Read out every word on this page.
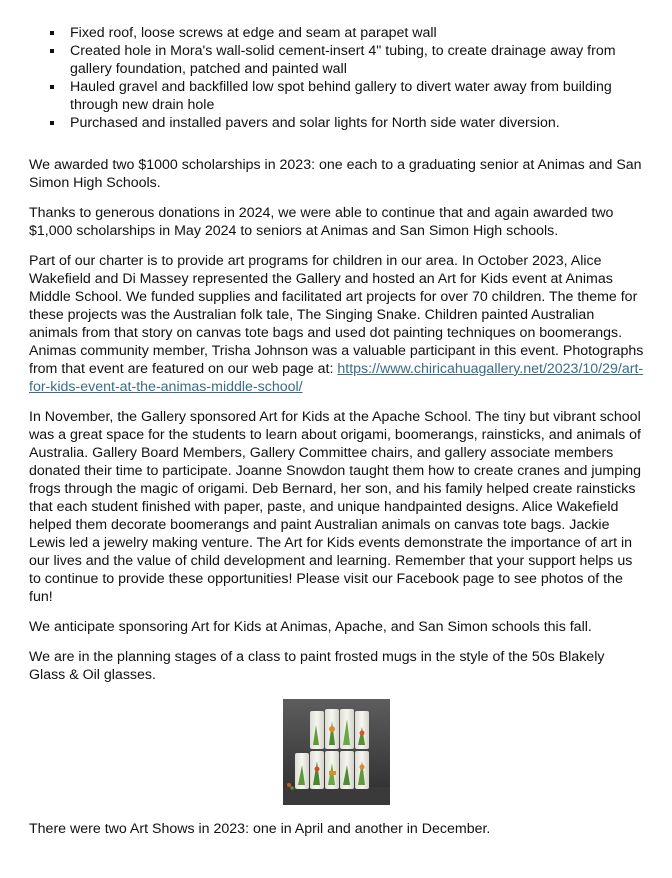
Fixed roof, loose screws at edge and seam at parapet wall
Created hole in Mora's wall-solid cement-insert 4" tubing, to create drainage away from gallery foundation, patched and painted wall
Hauled gravel and backfilled low spot behind gallery to divert water away from building through new drain hole
Purchased and installed pavers and solar lights for North side water diversion.

We awarded two $1000 scholarships in 2023: one each to a graduating senior at Animas and San Simon High Schools.

Thanks to generous donations in 2024, we were able to continue that and again awarded two $1,000 scholarships in May 2024 to seniors at Animas and San Simon High schools.

Part of our charter is to provide art programs for children in our area. In October 2023, Alice Wakefield and Di Massey represented the Gallery and hosted an Art for Kids event at Animas Middle School. We funded supplies and facilitated art projects for over 70 children. The theme for these projects was the Australian folk tale, The Singing Snake. Children painted Australian animals from that story on canvas tote bags and used dot painting techniques on boomerangs. Animas community member, Trisha Johnson was a valuable participant in this event. Photographs from that event are featured on our web page at: https://www.chiricahuagallery.net/2023/10/29/art-for-kids-event-at-the-animas-middle-school/

In November, the Gallery sponsored Art for Kids at the Apache School. The tiny but vibrant school was a great space for the students to learn about origami, boomerangs, rainsticks, and animals of Australia. Gallery Board Members, Gallery Committee chairs, and gallery associate members donated their time to participate. Joanne Snowdon taught them how to create cranes and jumping frogs through the magic of origami. Deb Bernard, her son, and his family helped create rainsticks that each student finished with paper, paste, and unique handpainted designs. Alice Wakefield helped them decorate boomerangs and paint Australian animals on canvas tote bags. Jackie Lewis led a jewelry making venture. The Art for Kids events demonstrate the importance of art in our lives and the value of child development and learning. Remember that your support helps us to continue to provide these opportunities! Please visit our Facebook page to see photos of the fun!

We anticipate sponsoring Art for Kids at Animas, Apache, and San Simon schools this fall.

We are in the planning stages of a class to paint frosted mugs in the style of the 50s Blakely Glass & Oil glasses.

There were two Art Shows in 2023: one in April and another in December.
